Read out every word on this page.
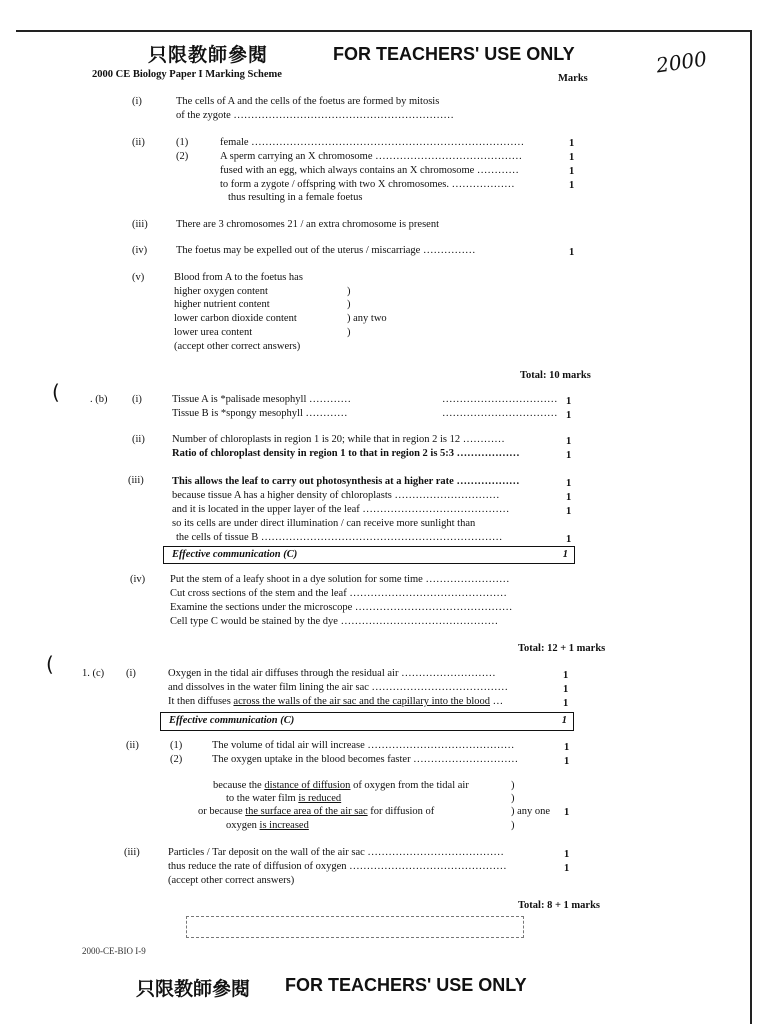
只限教師參閱	FOR TEACHERS' USE ONLY	2000
2000 CE Biology Paper I Marking Scheme	Marks
(i)	The cells of A and the cells of the foetus are formed by mitosis
of the zygote ………………………………………………………
(ii)	(1)	female ……………………………………………………………………	1
(2)	A sperm carrying an X chromosome ……………………………………	1
fused with an egg, which always contains an X chromosome …………	1
to form a zygote / offspring with two X chromosomes. ………………	1
thus resulting in a female foetus
(iii)	There are 3 chromosomes 21 / an extra chromosome is present
(iv)	The foetus may be expelled out of the uterus / miscarriage ……………	1
(v)	Blood from A to the foetus has
higher oxygen content
higher nutrient content
lower carbon dioxide content
lower urea content
(accept other correct answers)
)
)
) any two
)
Total: 10 marks
(	. (b) (i)	Tissue A is *palisade mesophyll …………	…………………………… 1
Tissue B is *spongy mesophyll …………	…………………………… 1
(ii)	Number of chloroplasts in region 1 is 20; while that in region 2 is 12 …………	1
Ratio of chloroplast density in region 1 to that in region 2 is 5:3 ………………	1
(iii)	This allows the leaf to carry out photosynthesis at a higher rate ………………	1
because tissue A has a higher density of chloroplasts …………………………	1
and it is located in the upper layer of the leaf ……………………………………	1
so its cells are under direct illumination / can receive more sunlight than
the cells of tissue B ……………………………………………………………	1
Effective communication (C)	1
(iv) Put the stem of a leafy shoot in a dye solution for some time ……………………
Cut cross sections of the stem and the leaf ………………………………………
Examine the sections under the microscope ………………………………………
Cell type C would be stained by the dye ………………………………………
Total: 12 + 1 marks
(	1. (c) (i)	Oxygen in the tidal air diffuses through the residual air ………………………	1
and dissolves in the water film lining the air sac …………………………………	1
It then diffuses across the walls of the air sac and the capillary into the blood …	1
Effective communication (C)	1
(ii)	(1)	The volume of tidal air will increase ……………………………………	1
(2)	The oxygen uptake in the blood becomes faster …………………………	1
because the distance of diffusion of oxygen from the tidal air
to the water film is reduced
or because the surface area of the air sac for diffusion of
oxygen is increased
)
)
) any one 1
)
(iii)	Particles / Tar deposit on the wall of the air sac …………………………………	1
thus reduce the rate of diffusion of oxygen ………………………………………	1
(accept other correct answers)
Total: 8 + 1 marks
2000-CE-BIO I-9
只限教師參閱 FOR TEACHERS' USE ONLY
